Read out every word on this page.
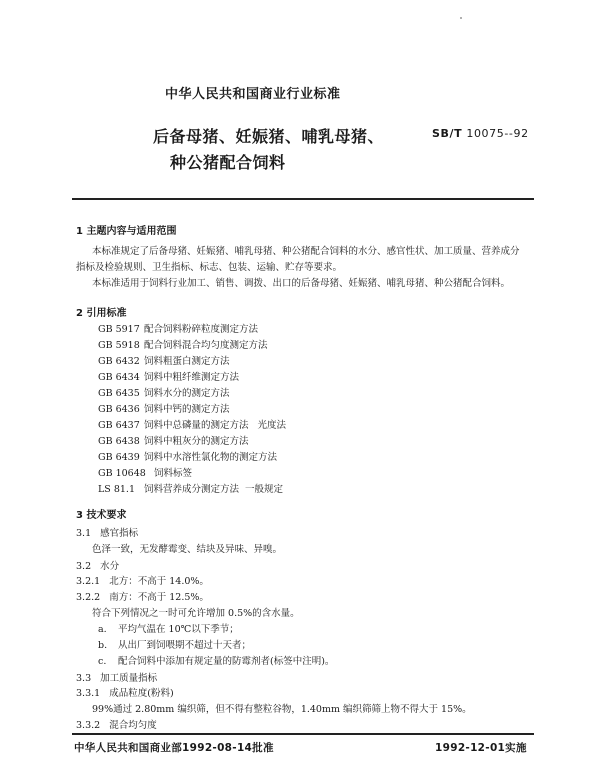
中华人民共和国商业行业标准
后备母猪、妊娠猪、哺乳母猪、
种公猪配合饲料
SB/T 10075--92
1 主题内容与适用范围
本标准规定了后备母猪、妊娠猪、哺乳母猪、种公猪配合饲料的水分、感官性状、加工质量、营养成分
指标及检验规则、卫生指标、标志、包装、运输、贮存等要求。
本标准适用于饲料行业加工、销售、调拨、出口的后备母猪、妊娠猪、哺乳母猪、种公猪配合饲料。
2 引用标准
GB 5917 配合饲料粉碎粒度测定方法
GB 5918 配合饲料混合均匀度测定方法
GB 6432 饲料粗蛋白测定方法
GB 6434 饲料中粗纤维测定方法
GB 6435 饲料水分的测定方法
GB 6436 饲料中钙的测定方法
GB 6437 饲料中总磷量的测定方法   光度法
GB 6438 饲料中粗灰分的测定方法
GB 6439 饲料中水溶性氯化物的测定方法
GB 10648 饲料标签
LS 81.1 饲料营养成分测定方法  一般规定
3 技术要求
3.1   感官指标
色泽一致，无发酵霉变、结块及异味、异嗅。
3.2   水分
3.2.1   北方：不高于 14.0%。
3.2.2   南方：不高于 12.5%。
符合下列情况之一时可允许增加 0.5%的含水量。
a. 平均气温在 10℃以下季节；
b. 从出厂到饲喂期不超过十天者；
c. 配合饲料中添加有规定量的防霉剂者(标签中注明)。
3.3   加工质量指标
3.3.1   成品粒度(粉料)
99%通过 2.80mm 编织筛，但不得有整粒谷物，1.40mm 编织筛筛上物不得大于 15%。
3.3.2   混合均匀度
中华人民共和国商业部1992-08-14批准	1992-12-01实施
